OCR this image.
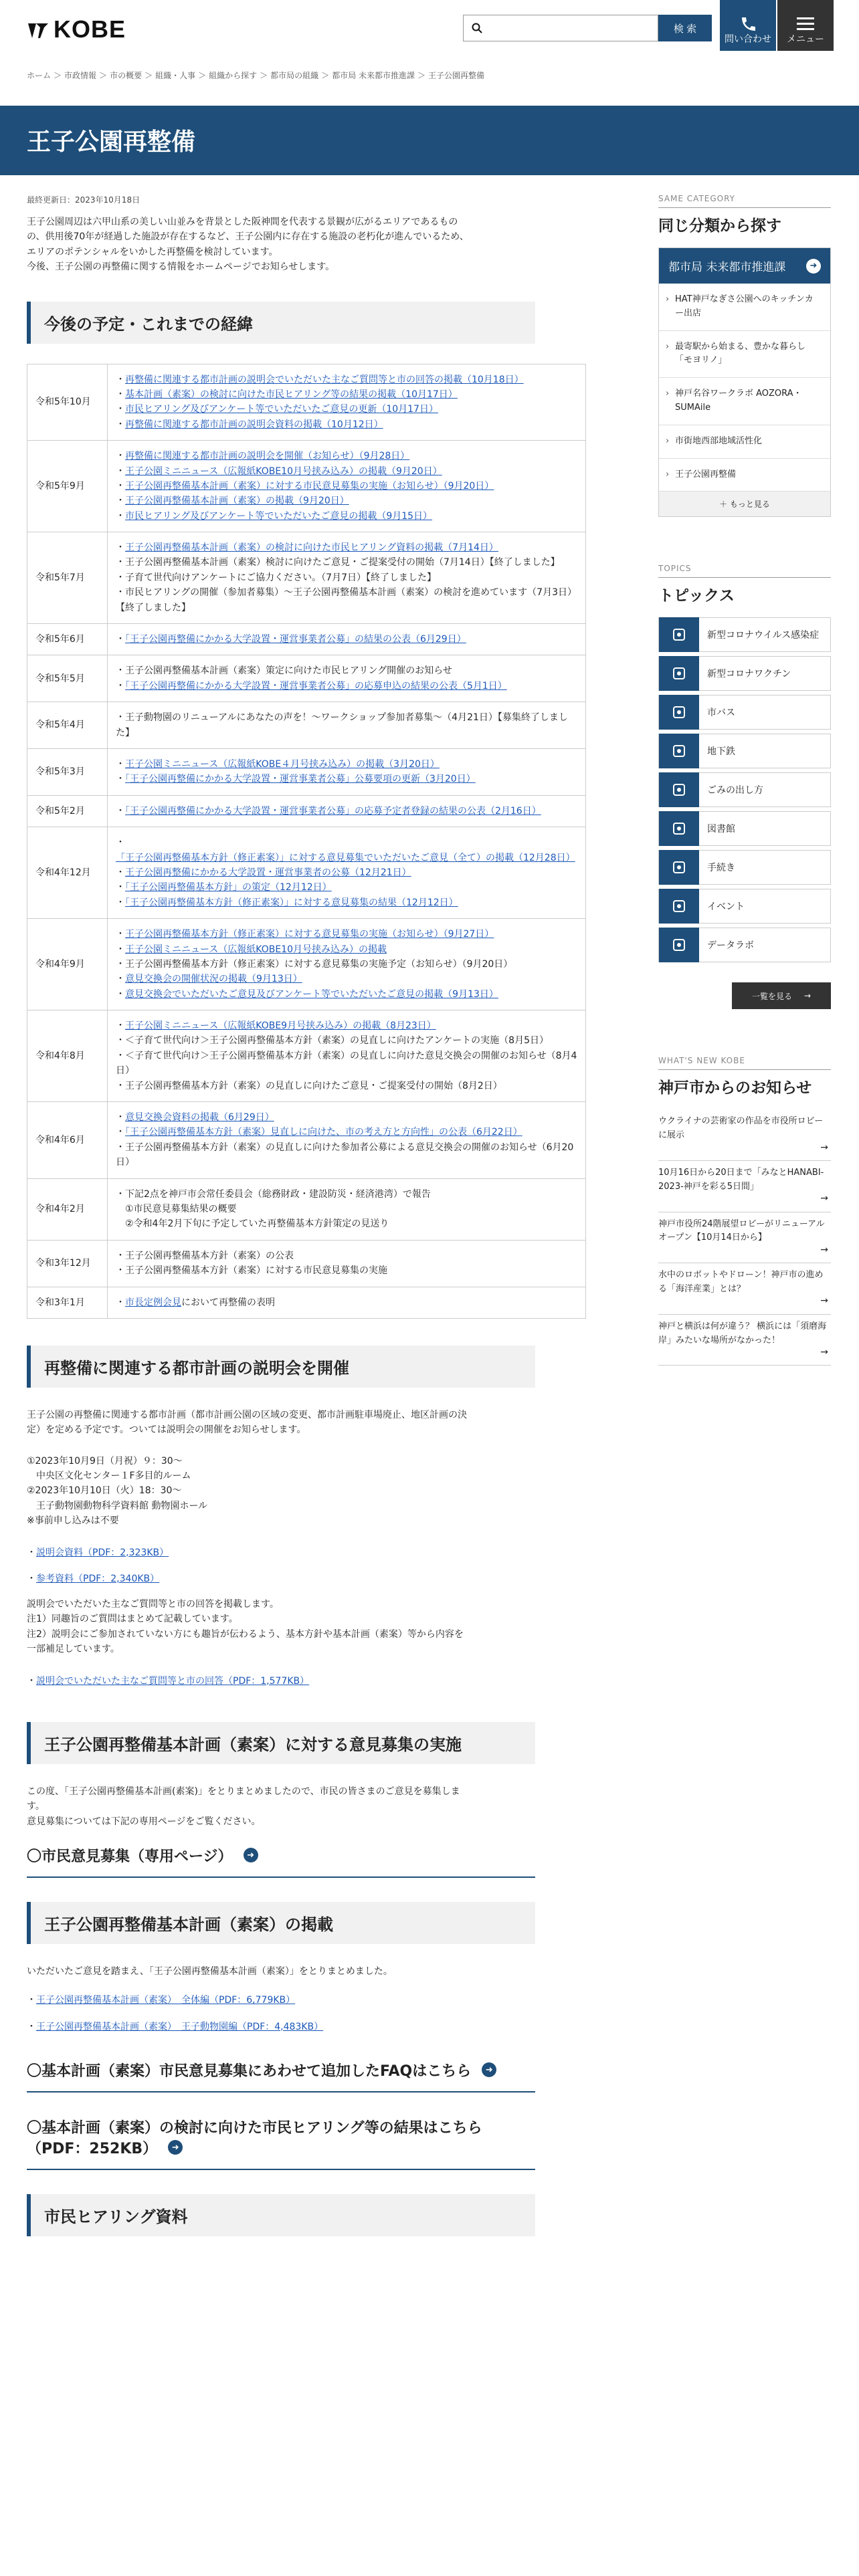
KOBE	検 索
問い合わせ メニュー
ホーム ＞ 市政情報 ＞ 市の概要 ＞ 組織・人事 ＞ 組織から探す ＞ 都市局の組織 ＞ 都市局 未来都市推進課 ＞ 王子公園再整備
王子公園再整備
最終更新日：2023年10月18日
王子公園周辺は六甲山系の美しい山並みを背景とした阪神間を代表する景観が広がるエリアであるもの
の、供用後70年が経過した施設が存在するなど、王子公園内に存在する施設の老朽化が進んでいるため、
エリアのポテンシャルをいかした再整備を検討しています。
今後、王子公園の再整備に関する情報をホームページでお知らせします。
今後の予定・これまでの経緯
令和5年10月	・再整備に関連する都市計画の説明会でいただいた主なご質問等と市の回答の掲載（10月18日）
・基本計画（素案）の検討に向けた市民ヒアリング等の結果の掲載（10月17日）
・市民ヒアリング及びアンケート等でいただいたご意見の更新（10月17日）
・再整備に関連する都市計画の説明会資料の掲載（10月12日）

令和5年9月	・再整備に関連する都市計画の説明会を開催（お知らせ）（9月28日）
・王子公園ミニニュース（広報紙KOBE10月号挟み込み）の掲載（9月20日）
・王子公園再整備基本計画（素案）に対する市民意見募集の実施（お知らせ）（9月20日）
・王子公園再整備基本計画（素案）の掲載（9月20日）
・市民ヒアリング及びアンケート等でいただいたご意見の掲載（9月15日）

令和5年7月	・王子公園再整備基本計画（素案）の検討に向けた市民ヒアリング資料の掲載（7月14日）
・王子公園再整備基本計画（素案）検討に向けたご意見・ご提案受付の開始（7月14日）【終了しました】
・子育て世代向けアンケートにご協力ください。（7月7日）【終了しました】
・市民ヒアリングの開催（参加者募集）～王子公園再整備基本計画（素案）の検討を進めています（7月3日）【終了しました】

令和5年6月	・「王子公園再整備にかかる大学設置・運営事業者公募」の結果の公表（6月29日）

令和5年5月	・王子公園再整備基本計画（素案）策定に向けた市民ヒアリング開催のお知らせ
・「王子公園再整備にかかる大学設置・運営事業者公募」の応募申込の結果の公表（5月1日）

令和5年4月	・王子動物園のリニューアルにあなたの声を！～ワークショップ参加者募集～（4月21日）【募集終了しました】

令和5年3月	・王子公園ミニニュース（広報紙KOBE４月号挟み込み）の掲載（3月20日）
・「王子公園再整備にかかる大学設置・運営事業者公募」公募要項の更新（3月20日）

令和5年2月	・「王子公園再整備にかかる大学設置・運営事業者公募」の応募予定者登録の結果の公表（2月16日）

令和4年12月	・「王子公園再整備基本方針（修正素案）」に対する意見募集でいただいたご意見（全て）の掲載（12月28日）
・王子公園再整備にかかる大学設置・運営事業者の公募（12月21日）
・「王子公園再整備基本方針」の策定（12月12日）
・「王子公園再整備基本方針（修正素案）」に対する意見募集の結果（12月12日）

令和4年9月	・王子公園再整備基本方針（修正素案）に対する意見募集の実施（お知らせ）（9月27日）
・王子公園ミニニュース（広報紙KOBE10月号挟み込み）の掲載
・王子公園再整備基本方針（修正素案）に対する意見募集の実施予定（お知らせ）（9月20日）
・意見交換会の開催状況の掲載（9月13日）
・意見交換会でいただいたご意見及びアンケート等でいただいたご意見の掲載（9月13日）

令和4年8月	・王子公園ミニニュース（広報紙KOBE9月号挟み込み）の掲載（8月23日）
・＜子育て世代向け＞王子公園再整備基本方針（素案）の見直しに向けたアンケートの実施（8月5日）
・＜子育て世代向け＞王子公園再整備基本方針（素案）の見直しに向けた意見交換会の開催のお知らせ（8月4日）
・王子公園再整備基本方針（素案）の見直しに向けたご意見・ご提案受付の開始（8月2日）

令和4年6月	・意見交換会資料の掲載（6月29日）
・「王子公園再整備基本方針（素案）見直しに向けた、市の考え方と方向性」の公表（6月22日）
・王子公園再整備基本方針（素案）の見直しに向けた参加者公募による意見交換会の開催のお知らせ（6月20日）

令和4年2月	・下記2点を神戸市会常任委員会（総務財政・建設防災・経済港湾）で報告
　①市民意見募集結果の概要
　②令和4年2月下旬に予定していた再整備基本方針策定の見送り

令和3年12月	・王子公園再整備基本方針（素案）の公表
・王子公園再整備基本方針（素案）に対する市民意見募集の実施

令和3年1月	・市長定例会見において再整備の表明
再整備に関連する都市計画の説明会を開催
王子公園の再整備に関連する都市計画（都市計画公園の区域の変更、都市計画駐車場廃止、地区計画の決
定）を定める予定です。ついては説明会の開催をお知らせします。
①2023年10月9日（月祝）９：30～
　中央区文化センター１F多目的ルーム
②2023年10月10日（火）18：30～
　王子動物園動物科学資料館 動物園ホール
※事前申し込みは不要
・説明会資料（PDF：2,323KB）
・参考資料（PDF：2,340KB）
説明会でいただいた主なご質問等と市の回答を掲載します。
注1）同趣旨のご質問はまとめて記載しています。
注2）説明会にご参加されていない方にも趣旨が伝わるよう、基本方針や基本計画（素案）等から内容を
一部補足しています。
・説明会でいただいた主なご質問等と市の回答（PDF：1,577KB）
王子公園再整備基本計画（素案）に対する意見募集の実施
この度、「王子公園再整備基本計画(素案)」をとりまとめましたので、市民の皆さまのご意見を募集しま
す。
意見募集については下記の専用ページをご覧ください。
〇市民意見募集（専用ページ）	➜
王子公園再整備基本計画（素案）の掲載
いただいたご意見を踏まえ、「王子公園再整備基本計画（素案）」をとりまとめました。
・王子公園再整備基本計画（素案）　全体編（PDF：6,779KB）
・王子公園再整備基本計画（素案）　王子動物園編（PDF：4,483KB）
〇基本計画（素案）市民意見募集にあわせて追加したFAQはこちら	➜
〇基本計画（素案）の検討に向けた市民ヒアリング等の結果はこちら
（PDF：252KB）	➜
市民ヒアリング資料
SAME CATEGORY
同じ分類から探す
都市局 未来都市推進課	➜
› HAT神戸なぎさ公園へのキッチンカー出店
› 最寄駅から始まる、豊かな暮らし「モヨリノ」
› 神戸名谷ワークラボ AOZORA・SUMAile
› 市街地西部地域活性化
› 王子公園再整備
＋ もっと見る
TOPICS
トピックス
新型コロナウイルス感染症
新型コロナワクチン
市バス
地下鉄
ごみの出し方
図書館
手続き
イベント
データラボ
一覧を見る →
WHAT'S NEW KOBE
神戸市からのお知らせ
ウクライナの芸術家の作品を市役所ロビーに展示
→
10月16日から20日まで「みなとHANABI-2023-神戸を彩る5日間」
→
神戸市役所24階展望ロビーがリニューアルオープン【10月14日から】
→
水中のロボットやドローン！神戸市の進める「海洋産業」とは？
→
神戸と横浜は何が違う？ 横浜には「須磨海岸」みたいな場所がなかった！
→
